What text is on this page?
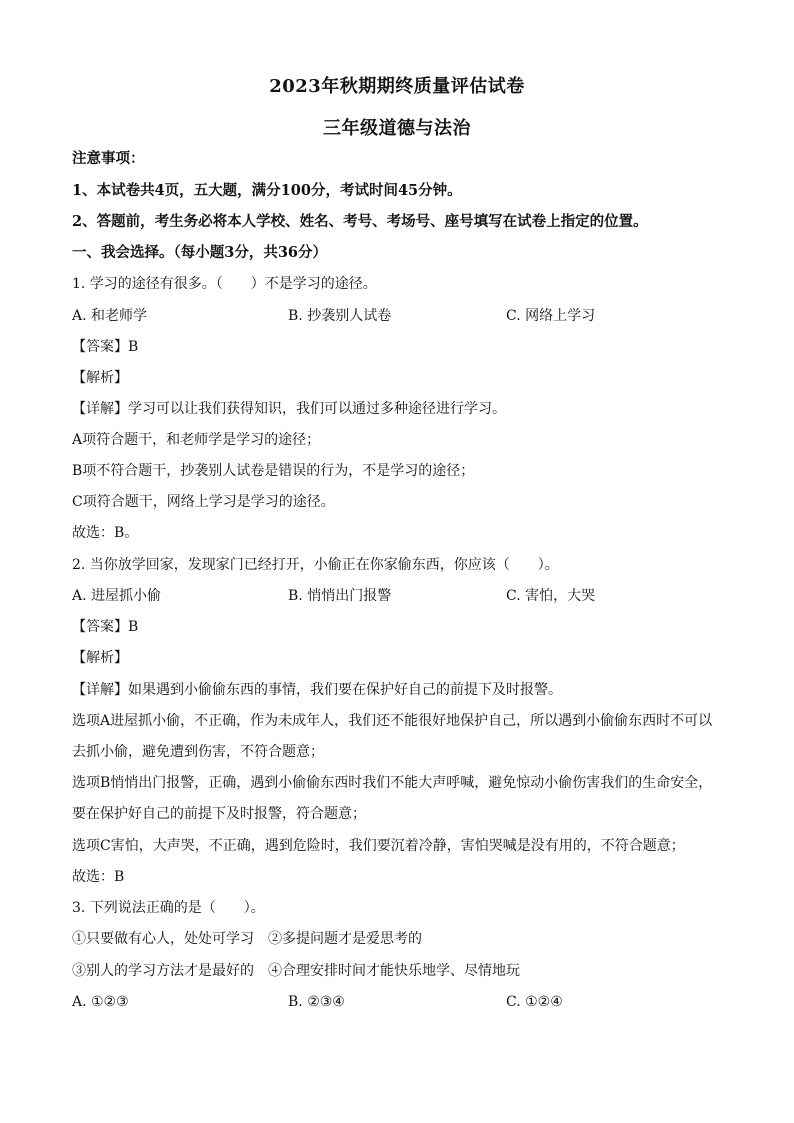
2023年秋期期终质量评估试卷
三年级道德与法治
注意事项：
1、本试卷共4页，五大题，满分100分，考试时间45分钟。
2、答题前，考生务必将本人学校、姓名、考号、考场号、座号填写在试卷上指定的位置。
一、我会选择。（每小题3分，共36分）
1. 学习的途径有很多。（　　）不是学习的途径。
A. 和老师学	B. 抄袭别人试卷	C. 网络上学习
【答案】B
【解析】
【详解】学习可以让我们获得知识，我们可以通过多种途径进行学习。
A项符合题干，和老师学是学习的途径；
B项不符合题干，抄袭别人试卷是错误的行为，不是学习的途径；
C项符合题干，网络上学习是学习的途径。
故选：B。
2. 当你放学回家，发现家门已经打开，小偷正在你家偷东西，你应该（　　）。
A. 进屋抓小偷	B. 悄悄出门报警	C. 害怕，大哭
【答案】B
【解析】
【详解】如果遇到小偷偷东西的事情，我们要在保护好自己的前提下及时报警。
选项A进屋抓小偷，不正确，作为未成年人，我们还不能很好地保护自己，所以遇到小偷偷东西时不可以
去抓小偷，避免遭到伤害，不符合题意；
选项B悄悄出门报警，正确，遇到小偷偷东西时我们不能大声呼喊，避免惊动小偷伤害我们的生命安全，
要在保护好自己的前提下及时报警，符合题意；
选项C害怕，大声哭，不正确，遇到危险时，我们要沉着冷静，害怕哭喊是没有用的，不符合题意；
故选：B
3. 下列说法正确的是（　　）。
①只要做有心人，处处可学习　②多提问题才是爱思考的
③别人的学习方法才是最好的　④合理安排时间才能快乐地学、尽情地玩
A. ①②③	B. ②③④	C. ①②④
